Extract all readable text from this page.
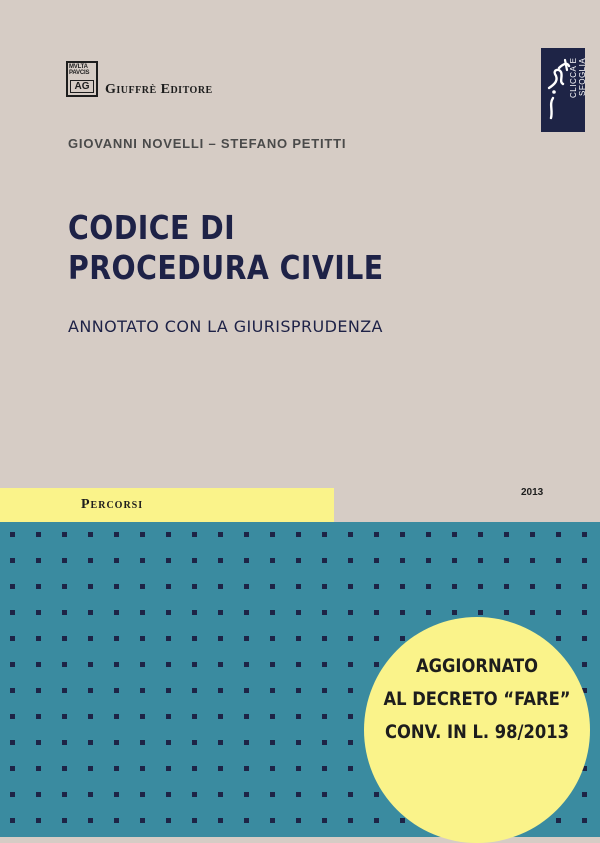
MVLTA PAVCIS
AG	Giuffrè Editore	CLICCA E SFOGLIA
GIOVANNI NOVELLI – STEFANO PETITTI
CODICE DI
PROCEDURA CIVILE
ANNOTATO CON LA GIURISPRUDENZA
2013
Percorsi
AGGIORNATO
AL DECRETO “FARE”
CONV. IN L. 98/2013
